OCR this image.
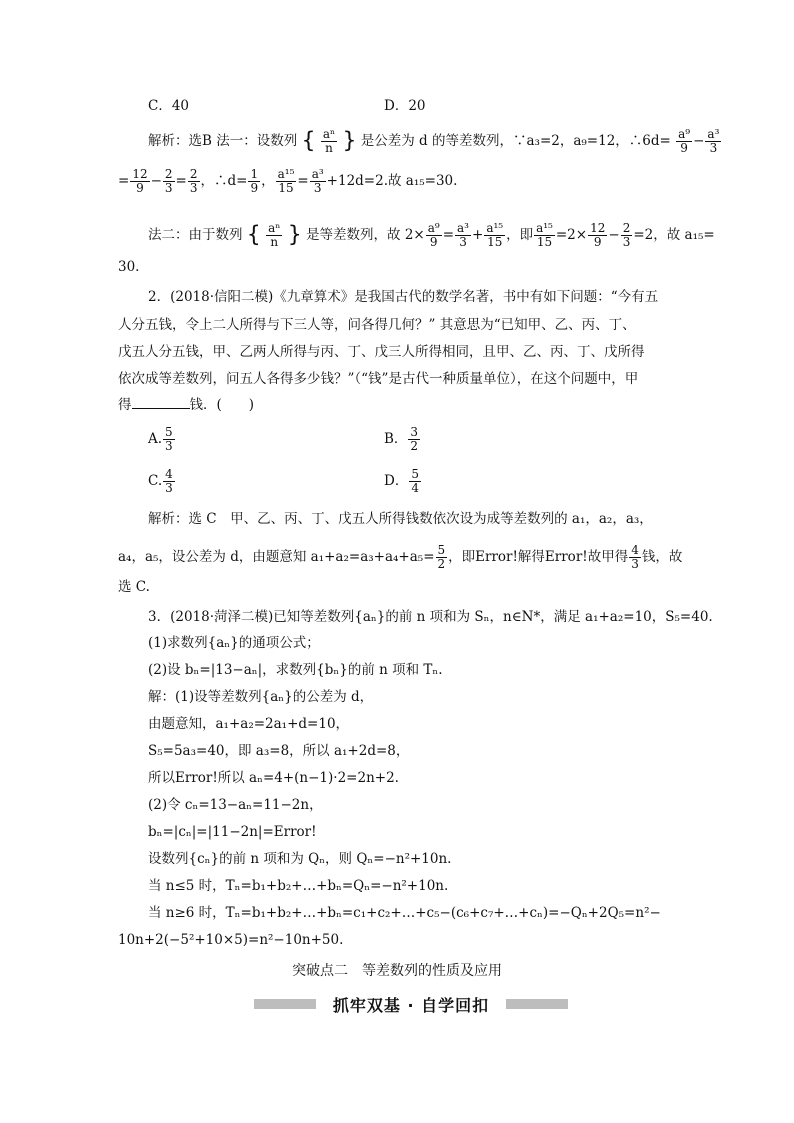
C．40	D．20
解析：选B 法一：设数列 { $\frac{\text{aⁿ}}{n}$ } 是公差为 d 的等差数列，∵a₃=2，a₉=12，∴6d= $\frac{\text{a⁹}}{9} - \frac{\text{a³}}{3}$
= $\frac{12}{9} - \frac{2}{3} = \frac{2}{3}$ ，∴d= $\frac{1}{9}$ ， $\frac{\text{a¹⁵}}{15} = \frac{\text{a³}}{3} +12d=2$.故 a₁₅=30.
法二：由于数列 { $\frac{\text{aⁿ}}{n}$ } 是等差数列，故 $2\times \frac{\text{a⁹}}{9} = \frac{\text{a³}}{3} + \frac{\text{a¹⁵}}{15}$ ，即 $\frac{\text{a¹⁵}}{15} =2\times \frac{12}{9} - \frac{2}{3} =2$，故 a₁₅=
30.
2．(2018·信阳二模)《九章算术》是我国古代的数学名著，书中有如下问题：“今有五
人分五钱，令上二人所得与下三人等，问各得几何？” 其意思为“已知甲、乙、丙、丁、
戊五人分五钱，甲、乙两人所得与丙、丁、戊三人所得相同，且甲、乙、丙、丁、戊所得
依次成等差数列，问五人各得多少钱？”（“钱”是古代一种质量单位），在这个问题中，甲
得	钱．(　　)
A. $\frac{5}{3}$	B． $\frac{3}{2}$
C. $\frac{4}{3}$	D． $\frac{5}{4}$
解析：选 C　甲、乙、丙、丁、戊五人所得钱数依次设为成等差数列的 a₁，a₂，a₃，
a₄，a₅，设公差为 d，由题意知 $a_1+a_2=a_3+a_4+a_5= \frac{5}{2}$ ，即Error!解得Error!故甲得 $\frac{4}{3}$ 钱，故
选 C.
3．(2018·菏泽二模)已知等差数列{aₙ}的前 n 项和为 Sₙ，n∈N*，满足 a₁+a₂=10，S₅=40.
(1)求数列{aₙ}的通项公式；
(2)设 bₙ=|13−aₙ|，求数列{bₙ}的前 n 项和 Tₙ.
解：(1)设等差数列{aₙ}的公差为 d，
由题意知，a₁+a₂=2a₁+d=10，
S₅=5a₃=40，即 a₃=8，所以 a₁+2d=8，
所以Error!所以 aₙ=4+(n−1)·2=2n+2.
(2)令 cₙ=13−aₙ=11−2n，
bₙ=|cₙ|=|11−2n|=Error!
设数列{cₙ}的前 n 项和为 Qₙ，则 Qₙ=−n²+10n.
当 n≤5 时，Tₙ=b₁+b₂+…+bₙ=Qₙ=−n²+10n.
当 n≥6 时，Tₙ=b₁+b₂+…+bₙ=c₁+c₂+…+c₅−(c₆+c₇+…+cₙ)=−Qₙ+2Q₅=n²−
10n+2(−5²+10×5)=n²−10n+50.
突破点二　等差数列的性质及应用
抓牢双基 · 自学回扣
